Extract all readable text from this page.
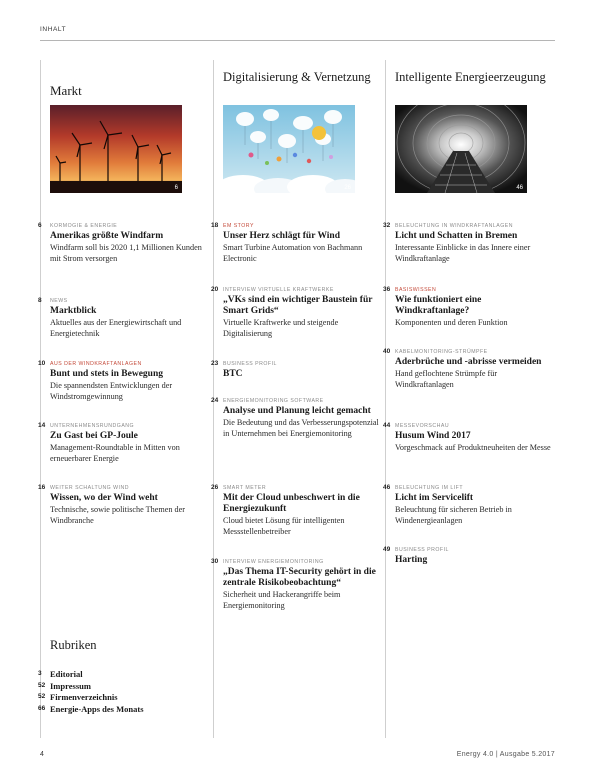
INHALT
Markt
6
6 KORMOGIE & ENERGIE
Amerikas größte Windfarm
Windfarm soll bis 2020 1,1 Millionen Kunden mit Strom versorgen
8 NEWS
Marktblick
Aktuelles aus der Energiewirtschaft und Energietechnik
10 AUS DER WINDKRAFTANLAGEN
Bunt und stets in Bewegung
Die spannendsten Entwicklungen der Windstromgewinnung
14 UNTERNEHMENSRUNDGANG
Zu Gast bei GP-Joule
Management-Roundtable in Mitten von erneuerbarer Energie
16 WEITER SCHALTUNG WIND
Wissen, wo der Wind weht
Technische, sowie politische Themen der Windbranche
Digitalisierung & Vernetzung
26
18 EM STORY
Unser Herz schlägt für Wind
Smart Turbine Automation von Bachmann Electronic
20 INTERVIEW VIRTUELLE KRAFTWERKE
„VKs sind ein wichtiger Baustein für Smart Grids“
Virtuelle Kraftwerke und steigende Digitalisierung
23 BUSINESS PROFIL
BTC
24 ENERGIEMONITORING SOFTWARE
Analyse und Planung leicht gemacht
Die Bedeutung und das Verbesserungspotenzial in Unternehmen bei Energiemonitoring
26 SMART METER
Mit der Cloud unbeschwert in die Energiezukunft
Cloud bietet Lösung für intelligenten Messstellenbetreiber
30 INTERVIEW ENERGIEMONITORING
„Das Thema IT-Security gehört in die zentrale Risikobeobachtung“
Sicherheit und Hackerangriffe beim Energiemonitoring
Intelligente Energieerzeugung
46
32 BELEUCHTUNG IN WINDKRAFTANLAGEN
Licht und Schatten in Bremen
Interessante Einblicke in das Innere einer Windkraftanlage
36 BASISWISSEN
Wie funktioniert eine Windkraftanlage?
Komponenten und deren Funktion
40 KABELMONITORING-STRÜMPFE
Aderbrüche und -abrisse vermeiden
Hand geflochtene Strümpfe für Windkraftanlagen
44 MESSEVORSCHAU
Husum Wind 2017
Vorgeschmack auf Produktneuheiten der Messe
46 BELEUCHTUNG IM LIFT
Licht im Servicelift
Beleuchtung für sicheren Betrieb in Windenergieanlagen
49 BUSINESS PROFIL
Harting
Rubriken
3 Editorial
52 Impressum
52 Firmenverzeichnis
66 Energie-Apps des Monats
4	Energy 4.0 | Ausgabe 5.2017
